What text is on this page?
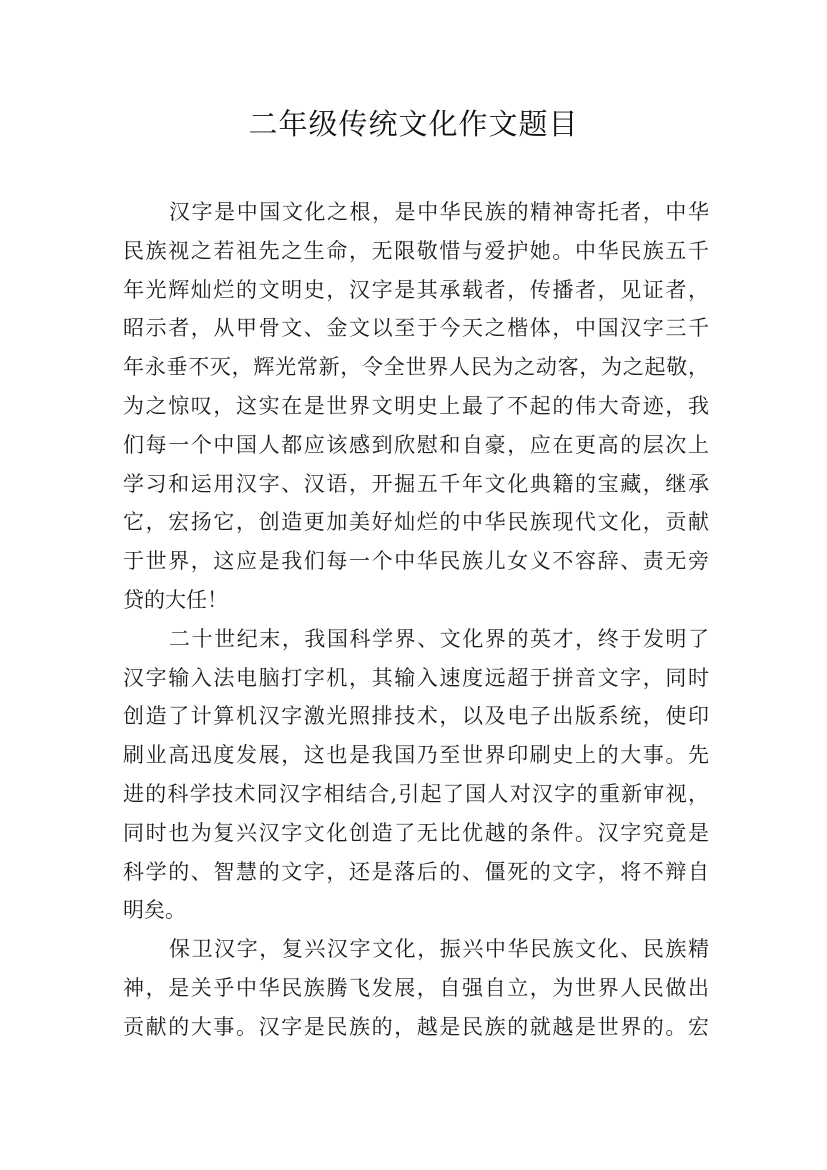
二年级传统文化作文题目
汉字是中国文化之根，是中华民族的精神寄托者，中华
民族视之若祖先之生命，无限敬惜与爱护她。中华民族五千
年光辉灿烂的文明史，汉字是其承载者，传播者，见证者，
昭示者，从甲骨文、金文以至于今天之楷体，中国汉字三千
年永垂不灭，辉光常新，令全世界人民为之动客，为之起敬，
为之惊叹，这实在是世界文明史上最了不起的伟大奇迹，我
们每一个中国人都应该感到欣慰和自豪，应在更高的层次上
学习和运用汉字、汉语，开掘五千年文化典籍的宝藏，继承
它，宏扬它，创造更加美好灿烂的中华民族现代文化，贡献
于世界，这应是我们每一个中华民族儿女义不容辞、责无旁
贷的大任！
二十世纪末，我国科学界、文化界的英才，终于发明了
汉字输入法电脑打字机，其输入速度远超于拼音文字，同时
创造了计算机汉字激光照排技术，以及电子出版系统，使印
刷业高迅度发展，这也是我国乃至世界印刷史上的大事。先
进的科学技术同汉字相结合,引起了国人对汉字的重新审视，
同时也为复兴汉字文化创造了无比优越的条件。汉字究竟是
科学的、智慧的文字，还是落后的、僵死的文字，将不辩自
明矣。
保卫汉字，复兴汉字文化，振兴中华民族文化、民族精
神，是关乎中华民族腾飞发展，自强自立，为世界人民做出
贡献的大事。汉字是民族的，越是民族的就越是世界的。宏
